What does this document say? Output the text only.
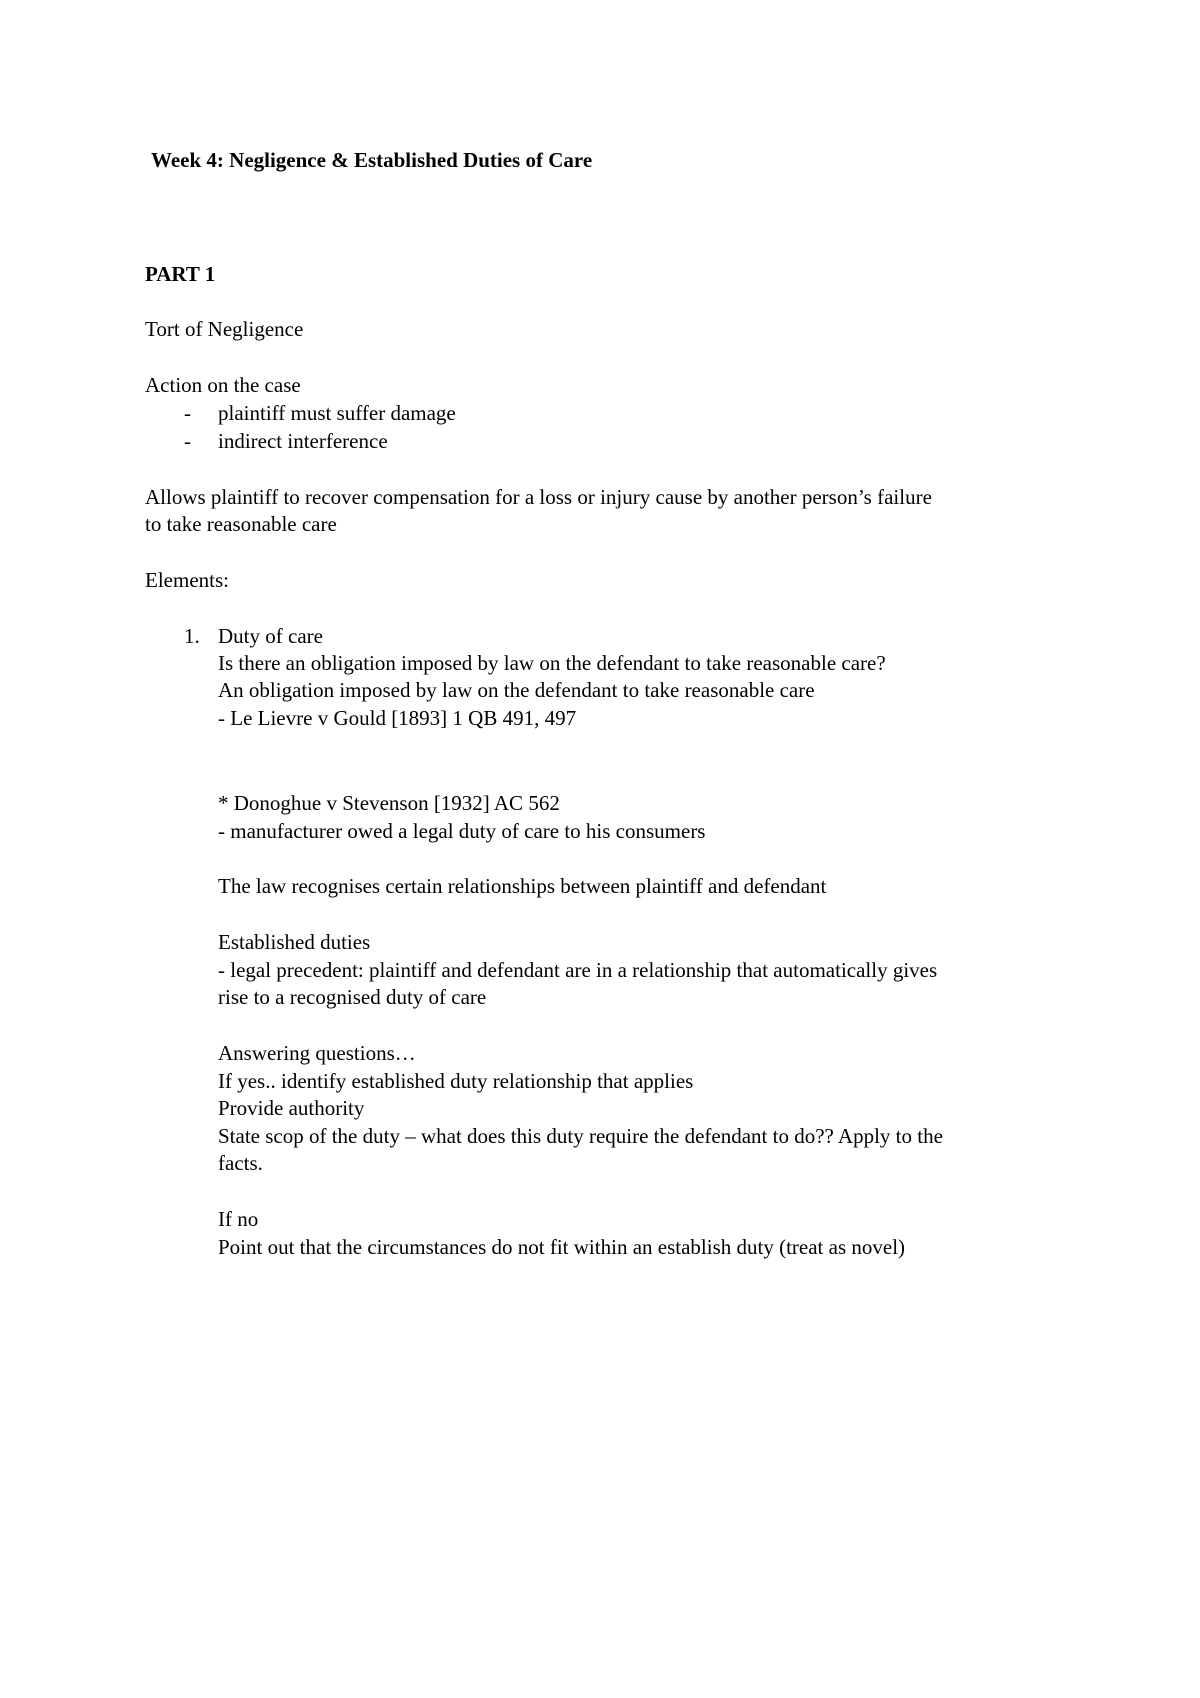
Week 4: Negligence & Established Duties of Care
PART 1
Tort of Negligence
Action on the case
- plaintiff must suffer damage
- indirect interference
Allows plaintiff to recover compensation for a loss or injury cause by another person’s failure
to take reasonable care
Elements:
1. Duty of care
Is there an obligation imposed by law on the defendant to take reasonable care?
An obligation imposed by law on the defendant to take reasonable care
- Le Lievre v Gould [1893] 1 QB 491, 497
* Donoghue v Stevenson [1932] AC 562
- manufacturer owed a legal duty of care to his consumers
The law recognises certain relationships between plaintiff and defendant
Established duties
- legal precedent: plaintiff and defendant are in a relationship that automatically gives
rise to a recognised duty of care
Answering questions…
If yes.. identify established duty relationship that applies
Provide authority
State scop of the duty – what does this duty require the defendant to do?? Apply to the
facts.
If no
Point out that the circumstances do not fit within an establish duty (treat as novel)
